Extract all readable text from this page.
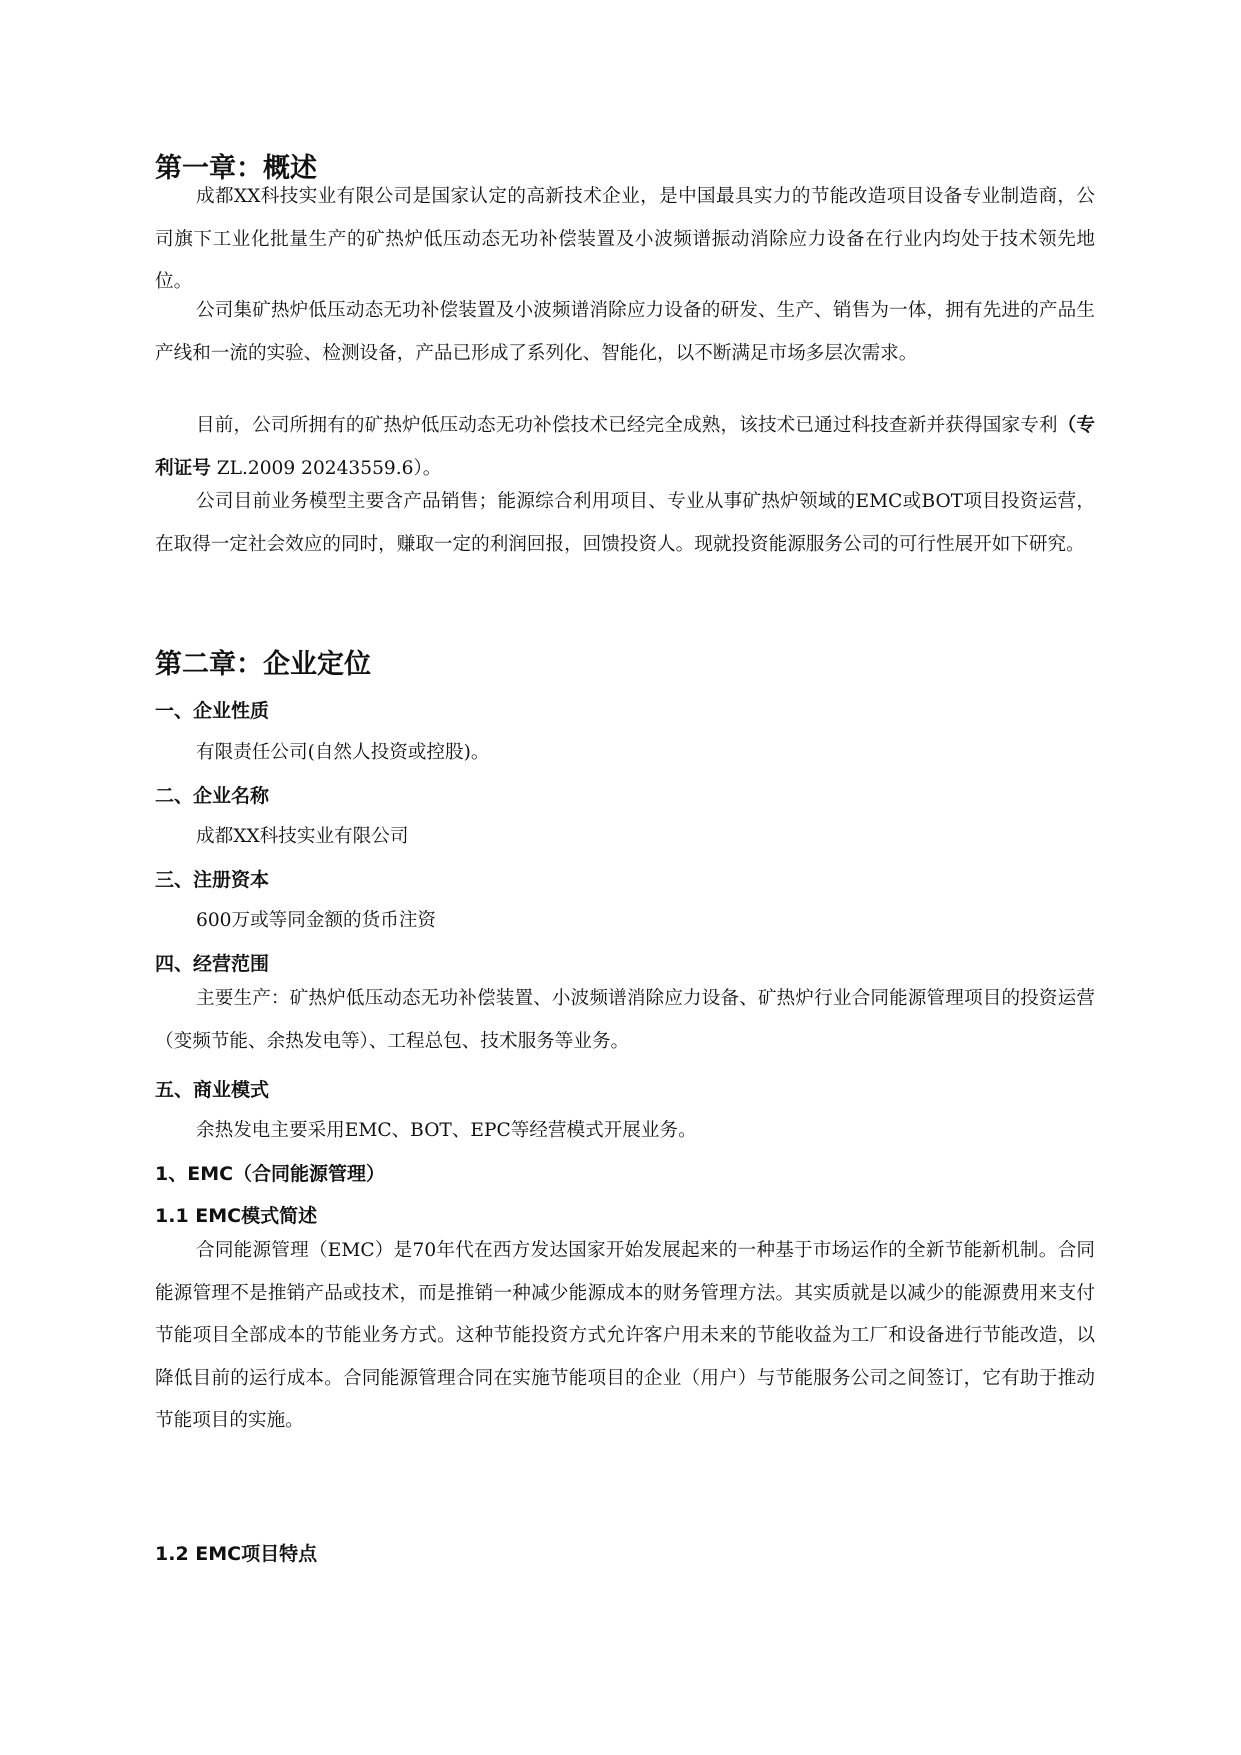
第一章：概述

成都XX科技实业有限公司是国家认定的高新技术企业，是中国最具实力的节能改造项目设备专业制造商，公司旗下工业化批量生产的矿热炉低压动态无功补偿装置及小波频谱振动消除应力设备在行业内均处于技术领先地位。

公司集矿热炉低压动态无功补偿装置及小波频谱消除应力设备的研发、生产、销售为一体，拥有先进的产品生产线和一流的实验、检测设备，产品已形成了系列化、智能化，以不断满足市场多层次需求。

目前，公司所拥有的矿热炉低压动态无功补偿技术已经完全成熟，该技术已通过科技查新并获得国家专利（专利证号 ZL.2009 20243559.6）。

公司目前业务模型主要含产品销售；能源综合利用项目、专业从事矿热炉领域的EMC或BOT项目投资运营，在取得一定社会效应的同时，赚取一定的利润回报，回馈投资人。现就投资能源服务公司的可行性展开如下研究。

第二章：企业定位
一、企业性质

有限责任公司(自然人投资或控股)。

二、企业名称

成都XX科技实业有限公司

三、注册资本

600万或等同金额的货币注资

四、经营范围

主要生产：矿热炉低压动态无功补偿装置、小波频谱消除应力设备、矿热炉行业合同能源管理项目的投资运营（变频节能、余热发电等）、工程总包、技术服务等业务。

五、商业模式

余热发电主要采用EMC、BOT、EPC等经营模式开展业务。

1、EMC（合同能源管理）
1.1 EMC模式简述

合同能源管理（EMC）是70年代在西方发达国家开始发展起来的一种基于市场运作的全新节能新机制。合同能源管理不是推销产品或技术，而是推销一种减少能源成本的财务管理方法。其实质就是以减少的能源费用来支付节能项目全部成本的节能业务方式。这种节能投资方式允许客户用未来的节能收益为工厂和设备进行节能改造，以降低目前的运行成本。合同能源管理合同在实施节能项目的企业（用户）与节能服务公司之间签订，它有助于推动节能项目的实施。

1.2 EMC项目特点
